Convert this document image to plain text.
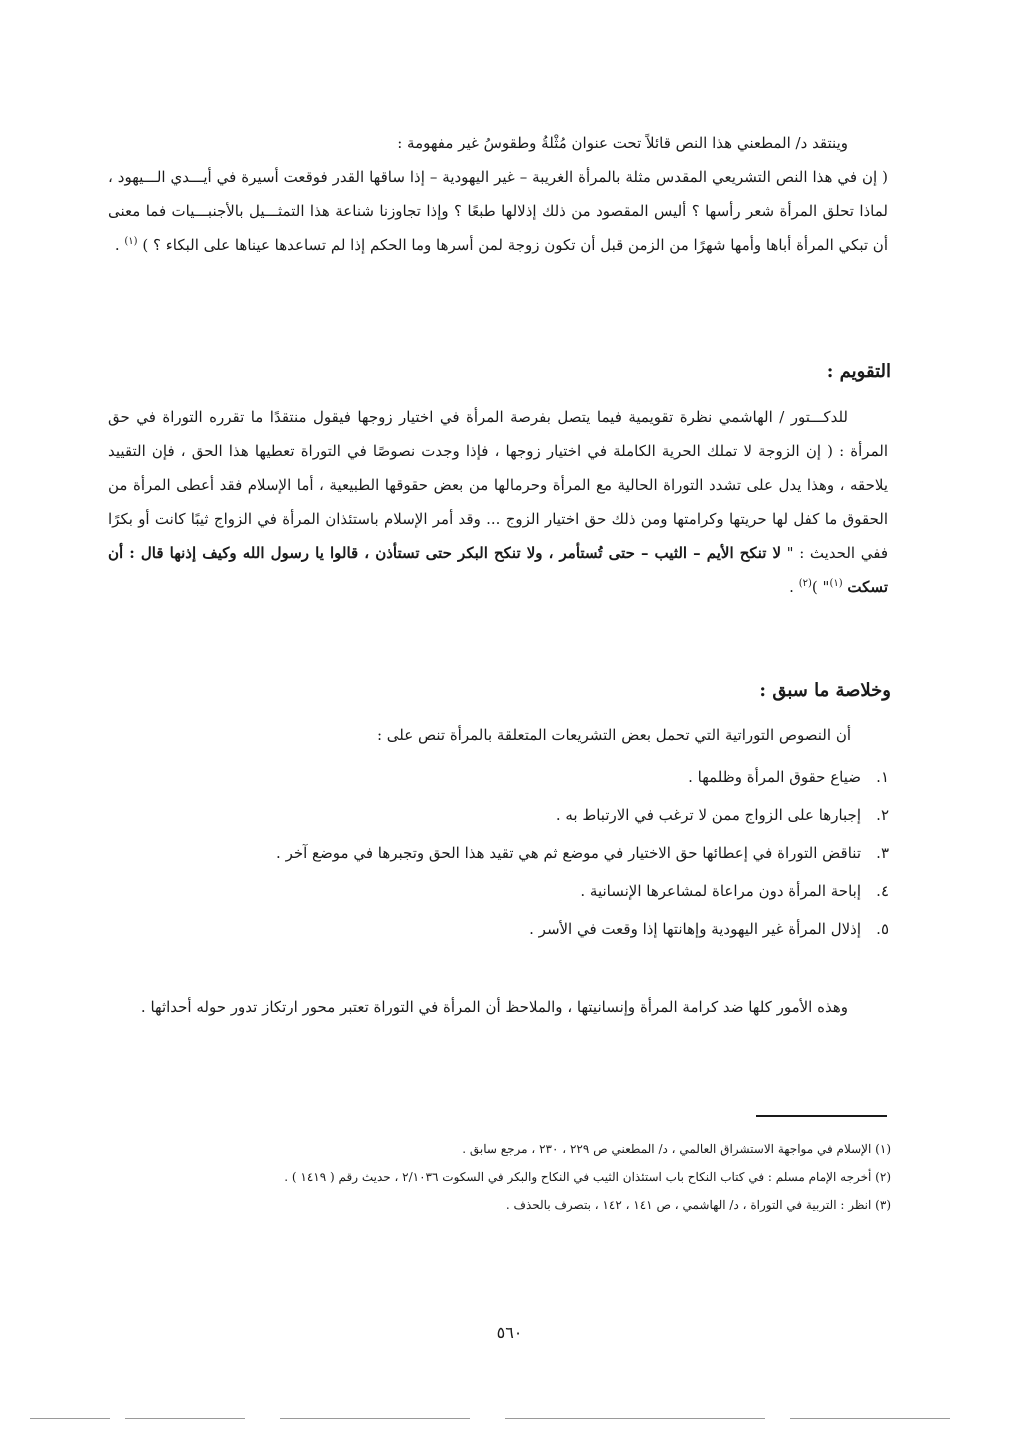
وينتقد د/ المطعني هذا النص قائلاً تحت عنوان مُثْلةُ وطقوسُ غير مفهومة :

( إن في هذا النص التشريعي المقدس مثلة بالمرأة الغريبة – غير اليهودية – إذا ساقها القدر فوقعت أسيرة في أيـــدي الـــيهود ، لماذا تحلق المرأة شعر رأسها ؟ أليس المقصود من ذلك إذلالها طبعًا ؟ وإذا تجاوزنا شناعة هذا التمثـــيل بالأجنبـــيات فما معنى أن تبكي المرأة أباها وأمها شهرًا من الزمن قبل أن تكون زوجة لمن أسرها وما الحكم إذا لم تساعدها عيناها على البكاء ؟ ) $^{(١)}$ .

التقويم :

للدكـــتور / الهاشمي نظرة تقويمية فيما يتصل بفرصة المرأة في اختيار زوجها فيقول منتقدًا ما تقرره التوراة في حق المرأة : ( إن الزوجة لا تملك الحرية الكاملة في اختيار زوجها ، فإذا وجدت نصوصًا في التوراة تعطيها هذا الحق ، فإن التقييد يلاحقه ، وهذا يدل على تشدد التوراة الحالية مع المرأة وحرمالها من بعض حقوقها الطبيعية ، أما الإسلام فقد أعطى المرأة من الحقوق ما كفل لها حريتها وكرامتها ومن ذلك حق اختيار الزوج ... وقد أمر الإسلام باستئذان المرأة في الزواج ثيبًا كانت أو بكرًا ففي الحديث : " لا تنكح الأيم – الثيب – حتى تُستأمر ، ولا تنكح البكر حتى تستأذن ، قالوا يا رسول الله وكيف إذنها قال : أن تسكت $^{(١)}$" )$^{(٢)}$ .

وخلاصة ما سبق :

أن النصوص التوراتية التي تحمل بعض التشريعات المتعلقة بالمرأة تنص على :

١.ضياع حقوق المرأة وظلمها .
٢.إجبارها على الزواج ممن لا ترغب في الارتباط به .
٣.تناقض التوراة في إعطائها حق الاختيار في موضع ثم هي تقيد هذا الحق وتجبرها في موضع آخر .
٤.إباحة المرأة دون مراعاة لمشاعرها الإنسانية .
٥.إذلال المرأة غير اليهودية وإهانتها إذا وقعت في الأسر .

وهذه الأمور كلها ضد كرامة المرأة وإنسانيتها ، والملاحظ أن المرأة في التوراة تعتبر محور ارتكاز تدور حوله أحداثها .

(١) الإسلام في مواجهة الاستشراق العالمي ، د/ المطعني ص ٢٢٩ ، ٢٣٠ ، مرجع سابق .
(٢) أخرجه الإمام مسلم : في كتاب النكاح باب استئذان الثيب في النكاح والبكر في السكوت ٢/١٠٣٦ ، حديث رقم ( ١٤١٩ ) .
(٣) انظر : التربية في التوراة ، د/ الهاشمي ، ص ١٤١ ، ١٤٢ ، بتصرف بالحذف .
٥٦٠
